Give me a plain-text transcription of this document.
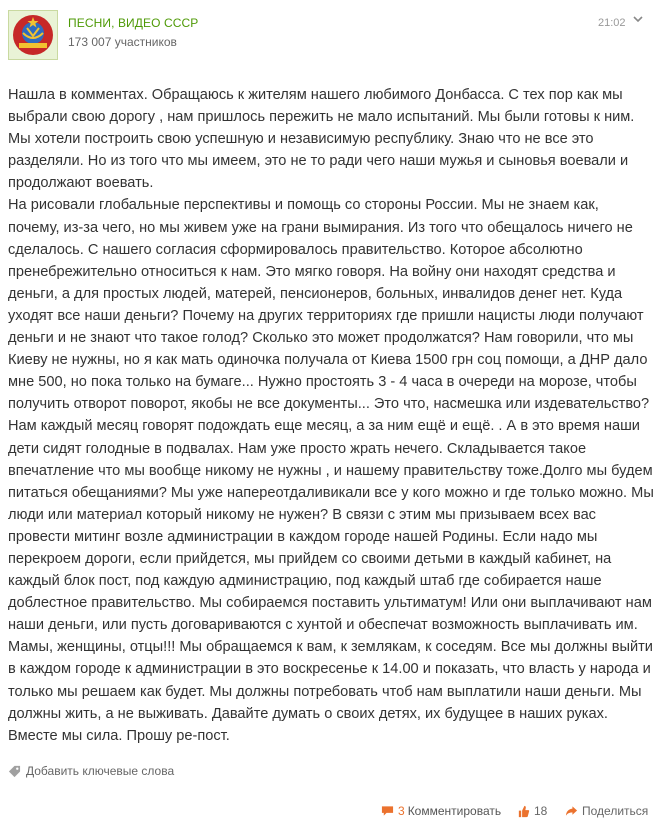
ПЕСНИ, ВИДЕО СССР
173 007 участников
21:02

Нашла в комментах. Обращаюсь к жителям нашего любимого Донбасса. С тех пор как мы выбрали свою дорогу , нам пришлось пережить не мало испытаний. Мы были готовы к ним. Мы хотели построить свою успешную и независимую республику. Знаю что не все это разделяли. Но из того что мы имеем, это не то ради чего наши мужья и сыновья воевали и продолжают воевать.

На рисовали глобальные перспективы и помощь со стороны России. Мы не знаем как, почему, из-за чего, но мы живем уже на грани вымирания. Из того что обещалось ничего не сделалось. С нашего согласия сформировалось правительство. Которое абсолютно пренебрежительно относиться к нам. Это мягко говоря. На войну они находят средства и деньги, а для простых людей, матерей, пенсионеров, больных, инвалидов денег нет. Куда уходят все наши деньги? Почему на других территориях где пришли нацисты люди получают деньги и не знают что такое голод? Сколько это может продолжатся? Нам говорили, что мы Киеву не нужны, но я как мать одиночка получала от Киева 1500 грн соц помощи, а ДНР дало мне 500, но пока только на бумаге... Нужно простоять 3 - 4 часа в очереди на морозе, чтобы получить отворот поворот, якобы не все документы... Это что, насмешка или издевательство? Нам каждый месяц говорят подождать еще месяц, а за ним ещё и ещё. . А в это время наши дети сидят голодные в подвалах. Нам уже просто жрать нечего. Складывается такое впечатление что мы вообще никому не нужны , и нашему правительству тоже.Долго мы будем питаться обещаниями? Мы уже напереотдаливикали все у кого можно и где только можно. Мы люди или материал который никому не нужен? В связи с этим мы призываем всех вас провести митинг возле администрации в каждом городе нашей Родины. Если надо мы перекроем дороги, если прийдется, мы прийдем со своими детьми в каждый кабинет, на каждый блок пост, под каждую администрацию, под каждый штаб где собирается наше доблестное правительство. Мы собираемся поставить ультиматум! Или они выплачивают нам наши деньги, или пусть договариваются с хунтой и обеспечат возможность выплачивать им. Мамы, женщины, отцы!!! Мы обращаемся к вам, к землякам, к соседям. Все мы должны выйти в каждом городе к администрации в это воскресенье к 14.00 и показать, что власть у народа и только мы решаем как будет. Мы должны потребовать чтоб нам выплатили наши деньги. Мы должны жить, а не выживать. Давайте думать о своих детях, их будущее в наших руках. Вместе мы сила. Прошу ре-пост.

Добавить ключевые слова
3 Комментировать	18	Поделиться
